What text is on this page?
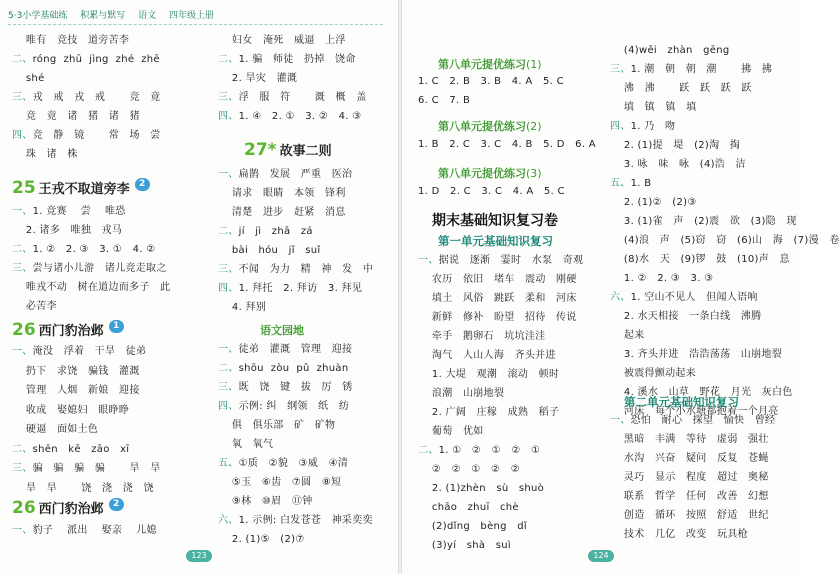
5·3小学基础练 积累与默写 语文 四年级上册
唯有   竞技   道旁苦李
二、róng  zhū  jìng  zhé  zhē
shé
三、戎   戒   戎   戒       竞   竟
竞   竟   诸   猪   诸   猪
四、竞   静   镜       常   场   尝
珠   诸   株
25 王戎不取道旁李 2
一、1. 竞赛    尝    唯恐
2. 诸多   唯独   戎马
二、1. ②   2. ③   3. ①   4. ②
三、尝与诸小儿游   诸儿竞走取之
唯戎不动   树在道边而多子   此
必苦李
26 西门豹治邺 1
一、淹没   浮着   干旱   徒弟
扔下   求饶   骗钱   灌溉
管理   人烟   新娘   迎接
收成   娶媳妇   眼睁睁
硬逼   面如土色
二、shēn   kē   zāo   xī
三、骗   骗   骗   骗       旱   旱
旱   旱       饶   浇   浇   饶
26 西门豹治邺 2
一、豹子    派出    娶亲    儿媳
妇女   淹死   威逼   上浮
二、1. 骗   师徒   扔掉   饶命
2. 旱灾   灌溉
三、浮   服   符       溉   概   盖
四、1. ④   2. ①   3. ②   4. ③
27* 故事二则
一、扁鹊   发展   严重   医治
请求   眼睛   本领   锋利
清楚   进步   赶紧   消息
二、jí   jì   zhā   zá
bài   hóu   jǐ   suǐ
三、不闻   为力   精   神   发   中
四、1. 拜托   2. 拜访   3. 拜见
4. 拜别
语文园地
一、徒弟   灌溉   管理   迎接
二、shōu  zòu  pǔ  zhuàn
三、既   饶   键   拔   厉   锈
四、示例: 纠   纲领   纸   纺
俱   俱乐部   矿   矿物
氧   氧气
五、①质   ②貌   ③威   ④清
⑤玉   ⑥齿   ⑦圆   ⑧短
⑨林   ⑩眉   ⑪钟
六、1. 示例: 白发苍苍   神采奕奕
2. (1)⑤   (2)⑦
123
第八单元提优练习(1)
1. C   2. B   3. B   4. A   5. C
6. C   7. B
第八单元提优练习(2)
1. B   2. C   3. C   4. B   5. D   6. A
第八单元提优练习(3)
1. D   2. C   3. C   4. A   5. C
期末基础知识复习卷
第一单元基础知识复习
一、据说   逐渐   霎时   水泵   奇观
农历   依旧   堵车   震动   刚硬
填土   风俗   跳跃   柔和   河床
新鲜   修补   盼望   招待   传说
牵手   鹅卵石   坑坑洼洼
淘气   人山人海   齐头并进
1. 大堤   观潮   滚动   顿时
浪潮   山崩地裂
2. 广阔   庄稼   成熟   稻子
葡萄   优如
二、1. ①   ②   ①   ②   ①
②   ②   ①   ②   ②
2. (1)zhèn   sù   shuò
chāo   zhuī   chè
(2)dǐng   bèng   dǐ
(3)yí   shà   suì
(4)wěi   zhàn   gēng
三、1. 潮   朝   朝   潮       拂   拂
沸   沸       跃   跃   跃   跃
填   镇   镇   填
四、1. 乃   吻
2. (1)提   堤   (2)淘   掏
3. 咏   味   咏   (4)浩   洁
五、1. B
2. (1)②   (2)③
3. (1)雀   声   (2)震   欲   (3)隐   现
(4)浪   声   (5)窃   窃   (6)山   海   (7)漫   卷
(8)水   天   (9)锣   鼓   (10)声   息
1. ②   2. ③   3. ③
六、1. 空山不见人   但闻人语响
2. 水天相接   一条白线   沸腾
起来
3. 齐头并进   浩浩荡荡   山崩地裂
被震得颤动起来
4. 溪水   山草   野花   月光   灰白色
河床   每个小水塘都抱着一个月亮
第二单元基础知识复习
一、恐怕   耐心   探望   愉快   曾经
黑暗   丰满   等待   虚弱   强壮
水沟   兴奋   疑问   反复   苍蝇
灵巧   显示   程度   超过   奥秘
联系   哲学   任何   改善   幻想
创造   循环   按照   舒适   世纪
技术   几亿   改变   玩具枪
124
